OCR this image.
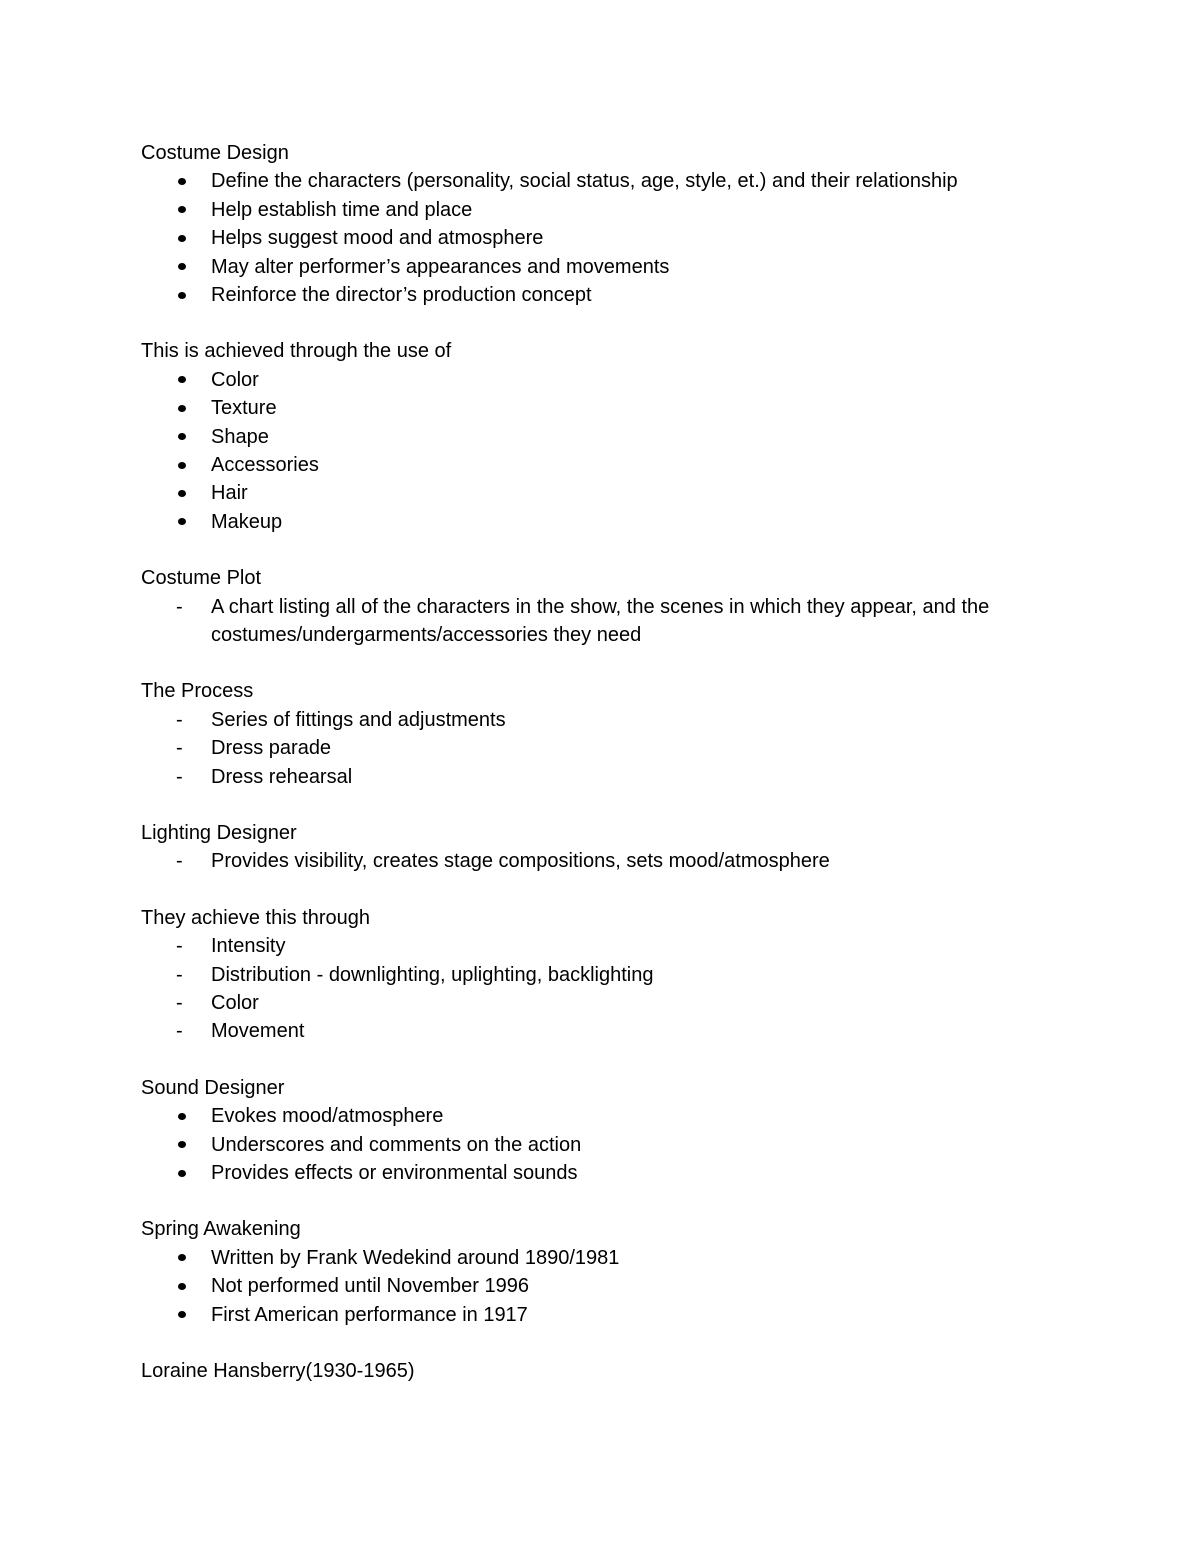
Costume Design
Define the characters (personality, social status, age, style, et.) and their relationship
Help establish time and place
Helps suggest mood and atmosphere
May alter performer’s appearances and movements
Reinforce the director’s production concept
This is achieved through the use of
Color
Texture
Shape
Accessories
Hair
Makeup
Costume Plot
-
A chart listing all of the characters in the show, the scenes in which they appear, and the costumes/undergarments/accessories they need
The Process
-
Series of fittings and adjustments
-
Dress parade
-
Dress rehearsal
Lighting Designer
-
Provides visibility, creates stage compositions, sets mood/atmosphere
They achieve this through
-
Intensity
-
Distribution - downlighting, uplighting, backlighting
-
Color
-
Movement
Sound Designer
Evokes mood/atmosphere
Underscores and comments on the action
Provides effects or environmental sounds
Spring Awakening
Written by Frank Wedekind around 1890/1981
Not performed until November 1996
First American performance in 1917
Loraine Hansberry(1930-1965)
